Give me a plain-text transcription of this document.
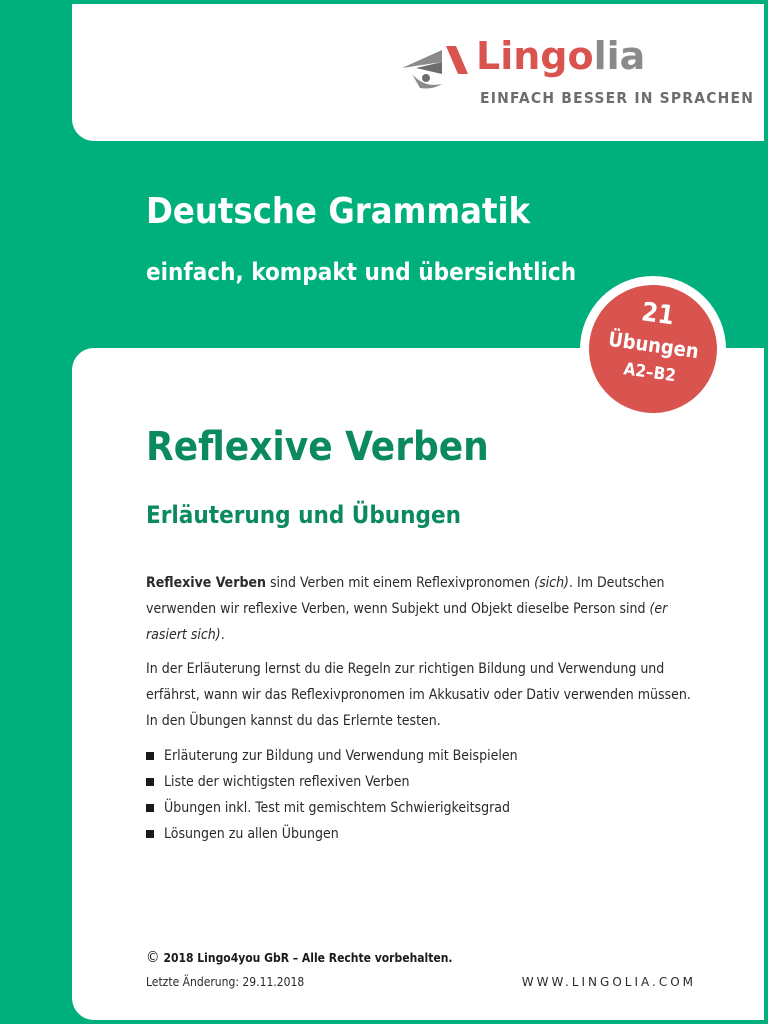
Lingolia
EINFACH BESSER IN SPRACHEN
Deutsche Grammatik
einfach, kompakt und übersichtlich
21
Übungen
A2–B2
Reflexive Verben
Erläuterung und Übungen

Reflexive Verben sind Verben mit einem Reflexivpronomen (sich). Im Deutschen verwenden wir reflexive Verben, wenn Subjekt und Objekt dieselbe Person sind (er rasiert sich).

In der Erläuterung lernst du die Regeln zur richtigen Bildung und Verwendung und erfährst, wann wir das Reflexivpronomen im Akkusativ oder Dativ verwenden müssen. In den Übungen kannst du das Erlernte testen.

Erläuterung zur Bildung und Verwendung mit Beispielen
Liste der wichtigsten reflexiven Verben
Übungen inkl. Test mit gemischtem Schwierigkeitsgrad
Lösungen zu allen Übungen
© 2018 Lingo4you GbR – Alle Rechte vorbehalten.
Letzte Änderung: 29.11.2018	WWW.LINGOLIA.COM
